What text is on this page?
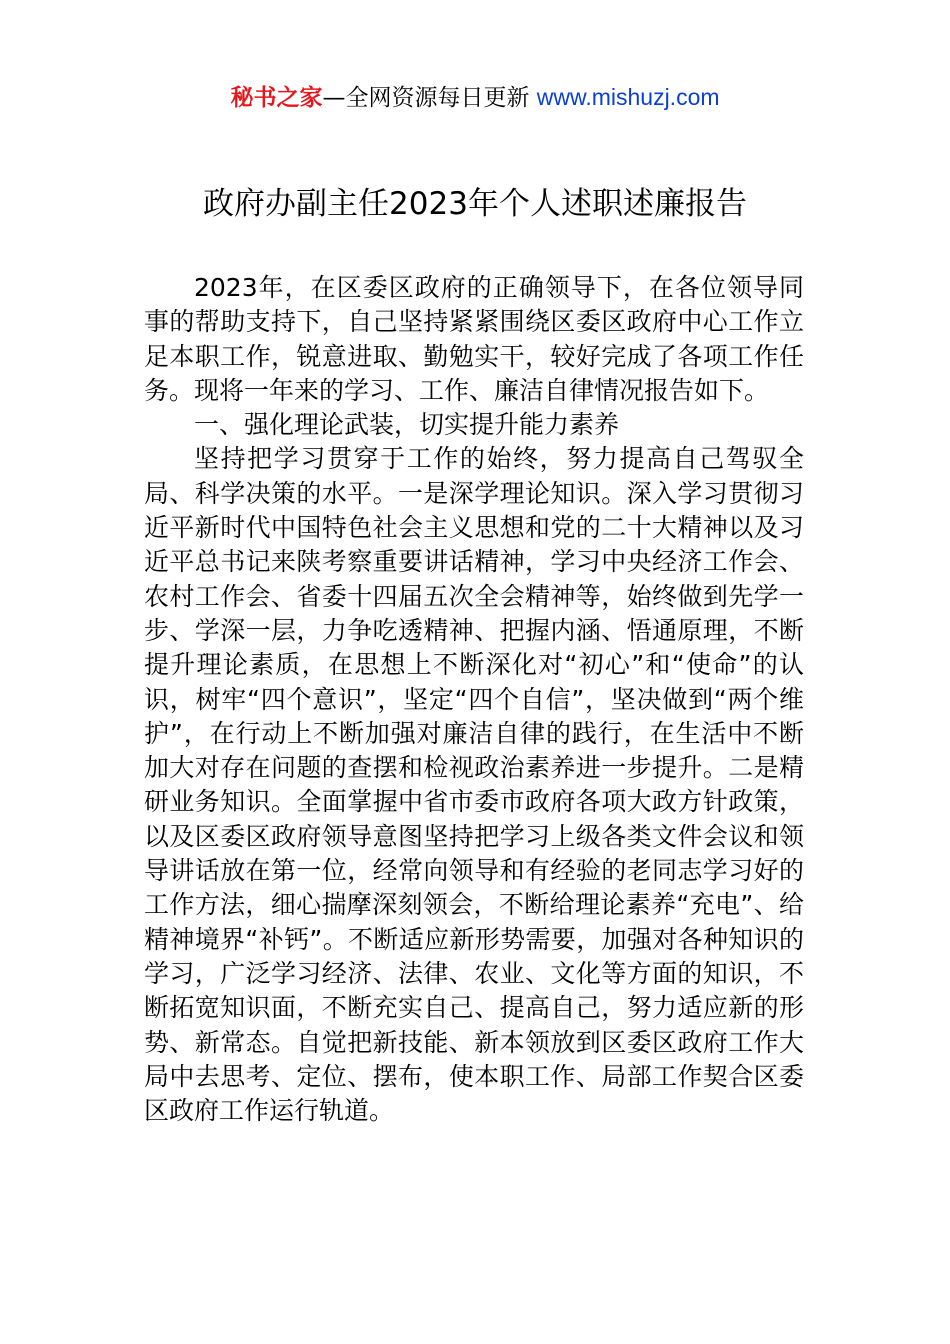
秘书之家—全网资源每日更新 www.mishuzj.com
政府办副主任2023年个人述职述廉报告

2023年，在区委区政府的正确领导下，在各位领导同事的帮助支持下，自己坚持紧紧围绕区委区政府中心工作立足本职工作，锐意进取、勤勉实干，较好完成了各项工作任务。现将一年来的学习、工作、廉洁自律情况报告如下。

一、强化理论武装，切实提升能力素养

坚持把学习贯穿于工作的始终，努力提高自己驾驭全局、科学决策的水平。一是深学理论知识。深入学习贯彻习近平新时代中国特色社会主义思想和党的二十大精神以及习近平总书记来陕考察重要讲话精神，学习中央经济工作会、农村工作会、省委十四届五次全会精神等，始终做到先学一步、学深一层，力争吃透精神、把握内涵、悟通原理，不断提升理论素质，在思想上不断深化对“初心”和“使命”的认识，树牢“四个意识”，坚定“四个自信”，坚决做到“两个维护”，在行动上不断加强对廉洁自律的践行，在生活中不断加大对存在问题的查摆和检视政治素养进一步提升。二是精研业务知识。全面掌握中省市委市政府各项大政方针政策，以及区委区政府领导意图坚持把学习上级各类文件会议和领导讲话放在第一位，经常向领导和有经验的老同志学习好的工作方法，细心揣摩深刻领会，不断给理论素养“充电”、给精神境界“补钙”。不断适应新形势需要，加强对各种知识的学习，广泛学习经济、法律、农业、文化等方面的知识，不断拓宽知识面，不断充实自己、提高自己，努力适应新的形势、新常态。自觉把新技能、新本领放到区委区政府工作大局中去思考、定位、摆布，使本职工作、局部工作契合区委区政府工作运行轨道。
